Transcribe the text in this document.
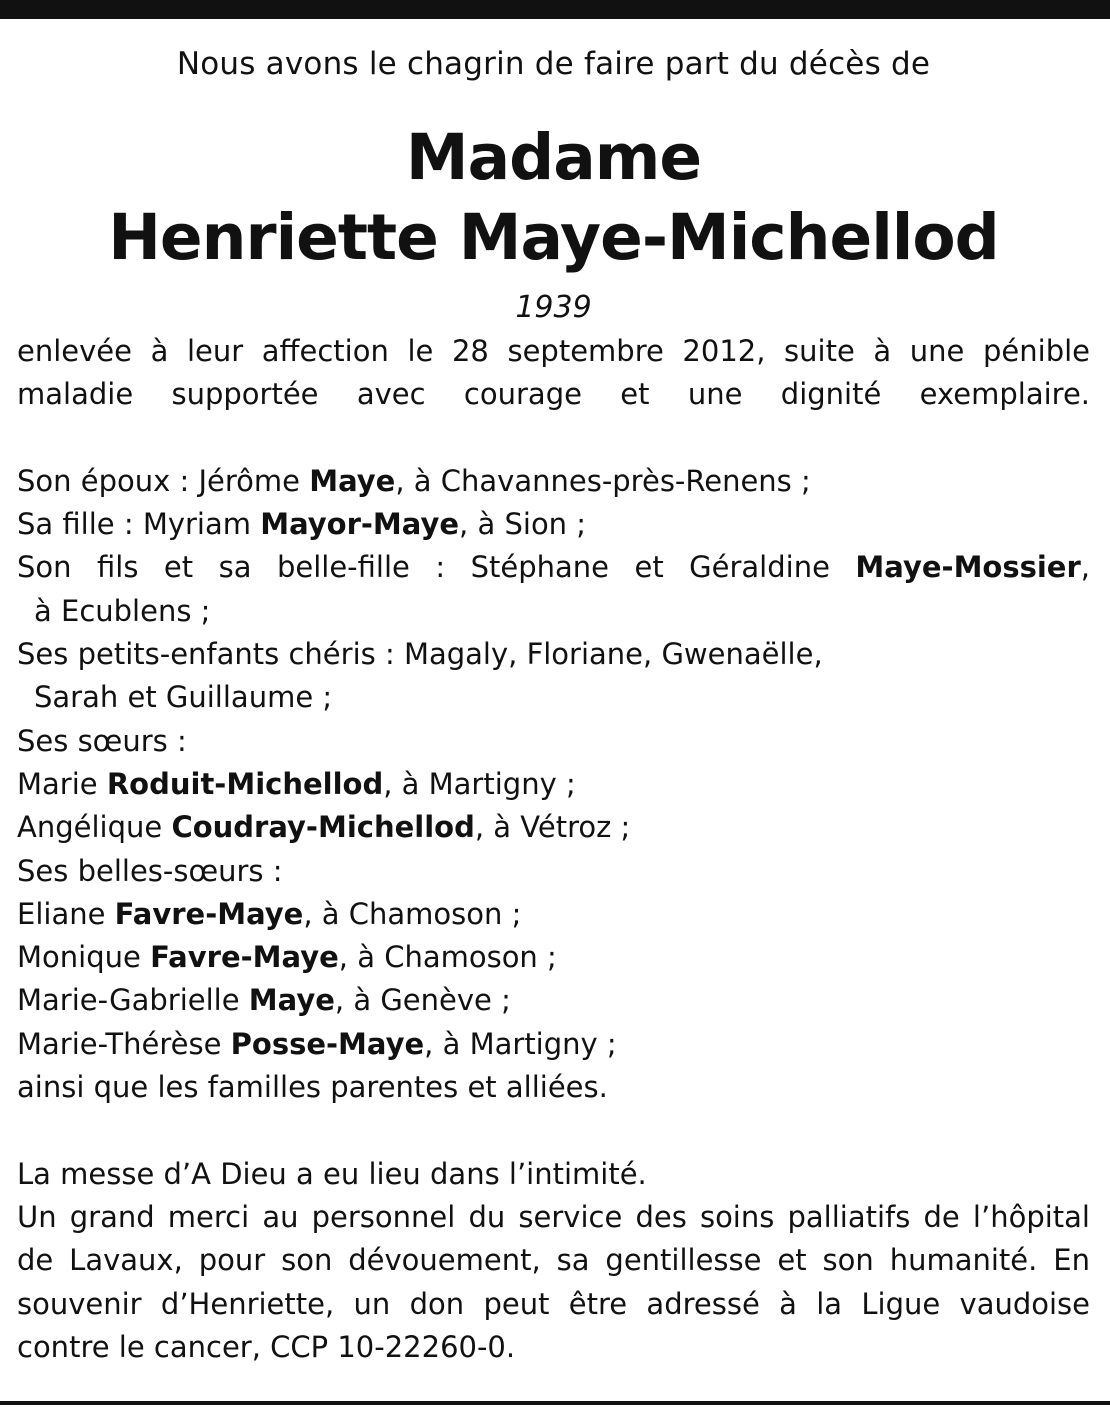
Nous avons le chagrin de faire part du décès de
Madame
Henriette Maye-Michellod
1939
enlevée à leur affection le 28 septembre 2012, suite à une pénible
maladie supportée avec courage et une dignité exemplaire.
Son époux : Jérôme Maye, à Chavannes-près-Renens ;
Sa fille : Myriam Mayor-Maye, à Sion ;
Son fils et sa belle-fille : Stéphane et Géraldine Maye-Mossier,
à Ecublens ;
Ses petits-enfants chéris : Magaly, Floriane, Gwenaëlle,
Sarah et Guillaume ;
Ses sœurs :
Marie Roduit-Michellod, à Martigny ;
Angélique Coudray-Michellod, à Vétroz ;
Ses belles-sœurs :
Eliane Favre-Maye, à Chamoson ;
Monique Favre-Maye, à Chamoson ;
Marie-Gabrielle Maye, à Genève ;
Marie-Thérèse Posse-Maye, à Martigny ;
ainsi que les familles parentes et alliées.
La messe d’A Dieu a eu lieu dans l’intimité.
Un grand merci au personnel du service des soins palliatifs de l’hôpital de Lavaux, pour son dévouement, sa gentillesse et son humanité. En souvenir d’Henriette, un don peut être adressé à la Ligue vaudoise contre le cancer, CCP 10-22260-0.
